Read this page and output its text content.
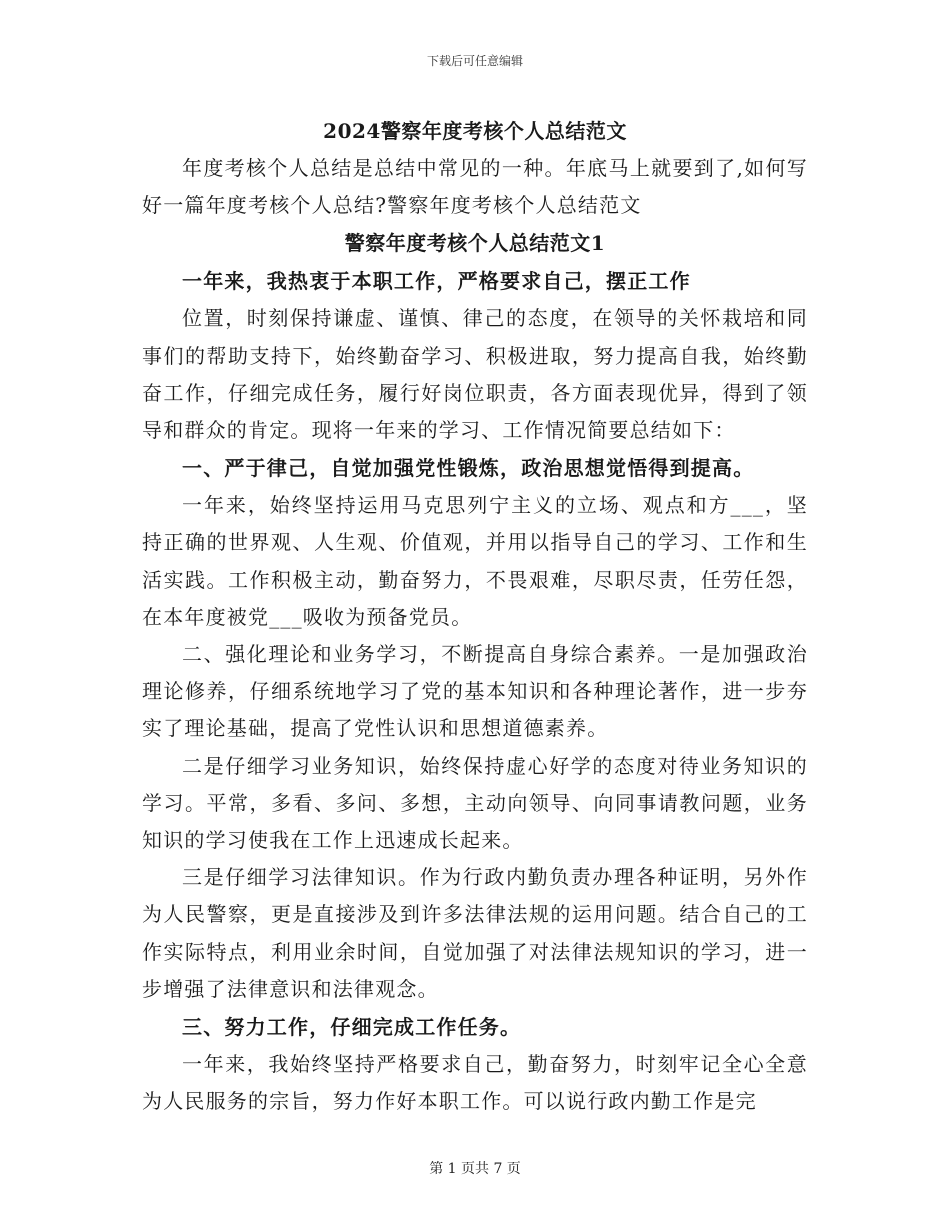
下载后可任意编辑
2024警察年度考核个人总结范文

年度考核个人总结是总结中常见的一种。年底马上就要到了,如何写好一篇年度考核个人总结?警察年度考核个人总结范文

警察年度考核个人总结范文1

一年来，我热衷于本职工作，严格要求自己，摆正工作

位置，时刻保持谦虚、谨慎、律己的态度，在领导的关怀栽培和同事们的帮助支持下，始终勤奋学习、积极进取，努力提高自我，始终勤奋工作，仔细完成任务，履行好岗位职责，各方面表现优异，得到了领导和群众的肯定。现将一年来的学习、工作情况简要总结如下：

一、严于律己，自觉加强党性锻炼，政治思想觉悟得到提高。

一年来，始终坚持运用马克思列宁主义的立场、观点和方___，坚持正确的世界观、人生观、价值观，并用以指导自己的学习、工作和生活实践。工作积极主动，勤奋努力，不畏艰难，尽职尽责，任劳任怨，在本年度被党___吸收为预备党员。

二、强化理论和业务学习，不断提高自身综合素养。一是加强政治理论修养，仔细系统地学习了党的基本知识和各种理论著作，进一步夯实了理论基础，提高了党性认识和思想道德素养。

二是仔细学习业务知识，始终保持虚心好学的态度对待业务知识的学习。平常，多看、多问、多想，主动向领导、向同事请教问题，业务知识的学习使我在工作上迅速成长起来。

三是仔细学习法律知识。作为行政内勤负责办理各种证明，另外作为人民警察，更是直接涉及到许多法律法规的运用问题。结合自己的工作实际特点，利用业余时间，自觉加强了对法律法规知识的学习，进一步增强了法律意识和法律观念。

三、努力工作，仔细完成工作任务。

一年来，我始终坚持严格要求自己，勤奋努力，时刻牢记全心全意为人民服务的宗旨，努力作好本职工作。可以说行政内勤工作是完

第 1 页共 7 页
